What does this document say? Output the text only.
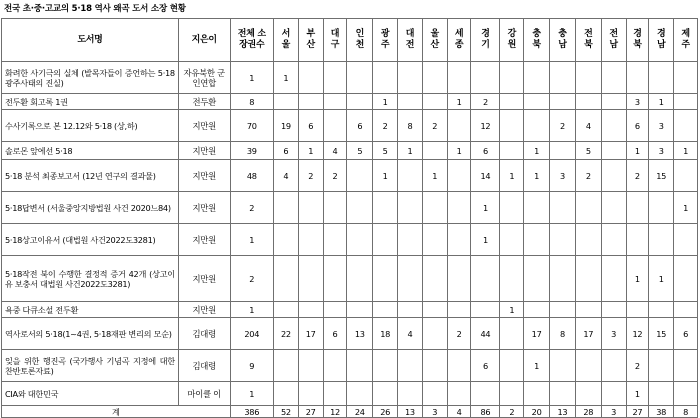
전국 초·중·고교의 5·18 역사 왜곡 도서 소장 현황
도서명	지은이	전체 소장권수	서울	부산	대구	인천	광주	대전	울산	세종	경기	강원	충북	충남	전북	전남	경북	경남	제주
화려한 사기극의 실체 (발목자들이 증언하는 5·18 광주사태의 진실)	자유북한 군인연합	1	1																
전두환 회고록 1권	전두환	8					1			1	2						3	1	
수사기록으로 본 12.12와 5·18 (상,하)	지만원	70	19	6		6	2	8	2		12			2	4		6	3	
솔로몬 앞에선 5·18	지만원	39	6	1	4	5	5	1		1	6		1		5		1	3	1
5·18 분석 최종보고서 (12년 연구의 결과물)	지만원	48	4	2	2		1		1		14	1	1	3	2		2	15	
5·18답변서 (서울중앙지방법원 사건 2020느84)	지만원	2									1								1
5·18상고이유서 (대법원 사건2022도3281)	지만원	1									1								
5·18작전 북이 수행한 결정적 증거 42개 (상고이유 보충서 대법원 사건2022도3281)	지만원	2															1	1	
욕중 다큐소설 전두환	지만원	1										1							
역사로서의 5·18(1~4권, 5·18재판 변리의 모순)	김대령	204	22	17	6	13	18	4		2	44		17	8	17	3	12	15	6
잊을 위한 행진곡 (국가행사 기념곡 지정에 대한 찬반토론자료)	김대령	9									6		1				2		
CIA와 대한민국	마이클 이	1															1		
계		386	52	27	12	24	26	13	3	4	86	2	20	13	28	3	27	38	8
